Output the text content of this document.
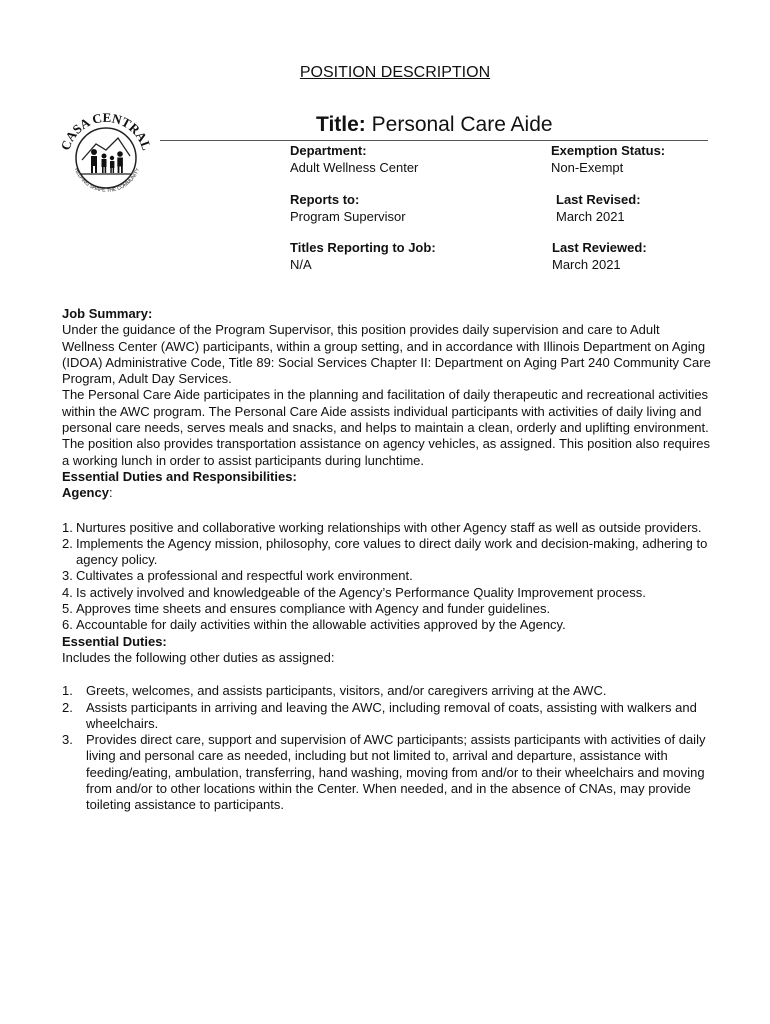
POSITION DESCRIPTION
CASA CENTRAL
HELPING SHAPE THE COMMUNITY
Title: Personal Care Aide
Department:
Adult Wellness Center
Exemption Status:
Non-Exempt
Reports to:
Program Supervisor
Last Revised:
March 2021
Titles Reporting to Job:
N/A
Last Reviewed:
March 2021
Job Summary:

Under the guidance of the Program Supervisor, this position provides daily supervision and care to Adult Wellness Center (AWC) participants, within a group setting, and in accordance with Illinois Department on Aging (IDOA) Administrative Code, Title 89: Social Services Chapter II: Department on Aging Part 240 Community Care Program, Adult Day Services.

The Personal Care Aide participates in the planning and facilitation of daily therapeutic and recreational activities within the AWC program. The Personal Care Aide assists individual participants with activities of daily living and personal care needs, serves meals and snacks, and helps to maintain a clean, orderly and uplifting environment. The position also provides transportation assistance on agency vehicles, as assigned. This position also requires a working lunch in order to assist participants during lunchtime.

Essential Duties and Responsibilities:

Agency:

1. Nurtures positive and collaborative working relationships with other Agency staff as well as outside providers.
2. Implements the Agency mission, philosophy, core values to direct daily work and decision-making, adhering to agency policy.
3. Cultivates a professional and respectful work environment.
4. Is actively involved and knowledgeable of the Agency’s Performance Quality Improvement process.
5. Approves time sheets and ensures compliance with Agency and funder guidelines.
6. Accountable for daily activities within the allowable activities approved by the Agency.
Essential Duties:

Includes the following other duties as assigned:

1. Greets, welcomes, and assists participants, visitors, and/or caregivers arriving at the AWC.
2. Assists participants in arriving and leaving the AWC, including removal of coats, assisting with walkers and wheelchairs.
3. Provides direct care, support and supervision of AWC participants; assists participants with activities of daily living and personal care as needed, including but not limited to, arrival and departure, assistance with feeding/eating, ambulation, transferring, hand washing, moving from and/or to their wheelchairs and moving from and/or to other locations within the Center. When needed, and in the absence of CNAs, may provide toileting assistance to participants.
